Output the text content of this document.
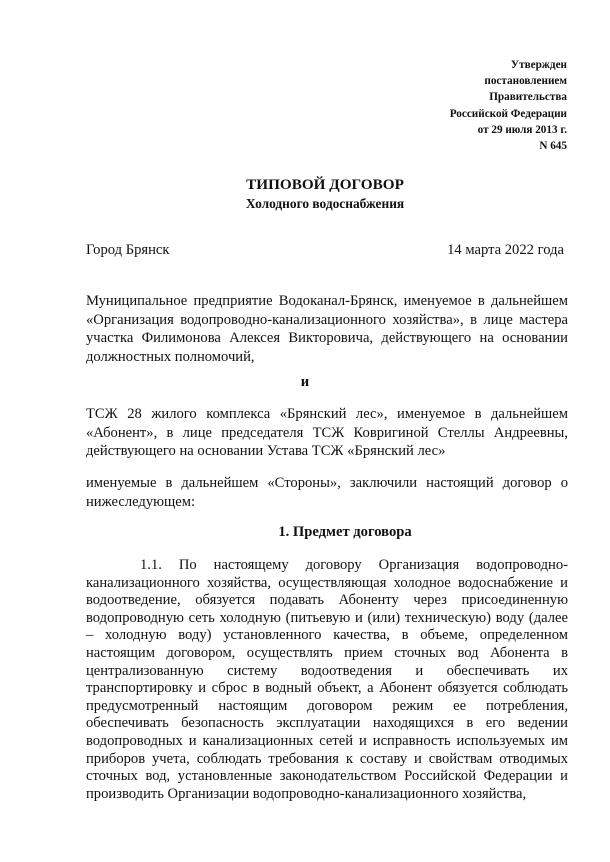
Утвержден
постановлением
Правительства
Российской Федерации
от 29 июля 2013 г.
N 645
ТИПОВОЙ ДОГОВОР
Холодного водоснабжения
Город Брянск	14 марта 2022 года
Муниципальное предприятие Водоканал-Брянск, именуемое в дальнейшем «Организация водопроводно-канализационного хозяйства», в лице мастера участка Филимонова Алексея Викторовича, действующего на основании должностных полномочий,
и
ТСЖ 28 жилого комплекса «Брянский лес», именуемое в дальнейшем «Абонент», в лице председателя ТСЖ Ковригиной Стеллы Андреевны, действующего на основании Устава ТСЖ «Брянский лес»
именуемые в дальнейшем «Стороны», заключили настоящий договор о нижеследующем:
1. Предмет договора
1.1. По настоящему договору Организация водопроводно-канализационного хозяйства, осуществляющая холодное водоснабжение и водоотведение, обязуется подавать Абоненту через присоединенную водопроводную сеть холодную (питьевую и (или) техническую) воду (далее – холодную воду) установленного качества, в объеме, определенном настоящим договором, осуществлять прием сточных вод Абонента в централизованную систему водоотведения и обеспечивать их транспортировку и сброс в водный объект, а Абонент обязуется соблюдать предусмотренный настоящим договором режим ее потребления, обеспечивать безопасность эксплуатации находящихся в его ведении водопроводных и канализационных сетей и исправность используемых им приборов учета, соблюдать требования к составу и свойствам отводимых сточных вод, установленные законодательством Российской Федерации и производить Организации водопроводно-канализационного хозяйства,
